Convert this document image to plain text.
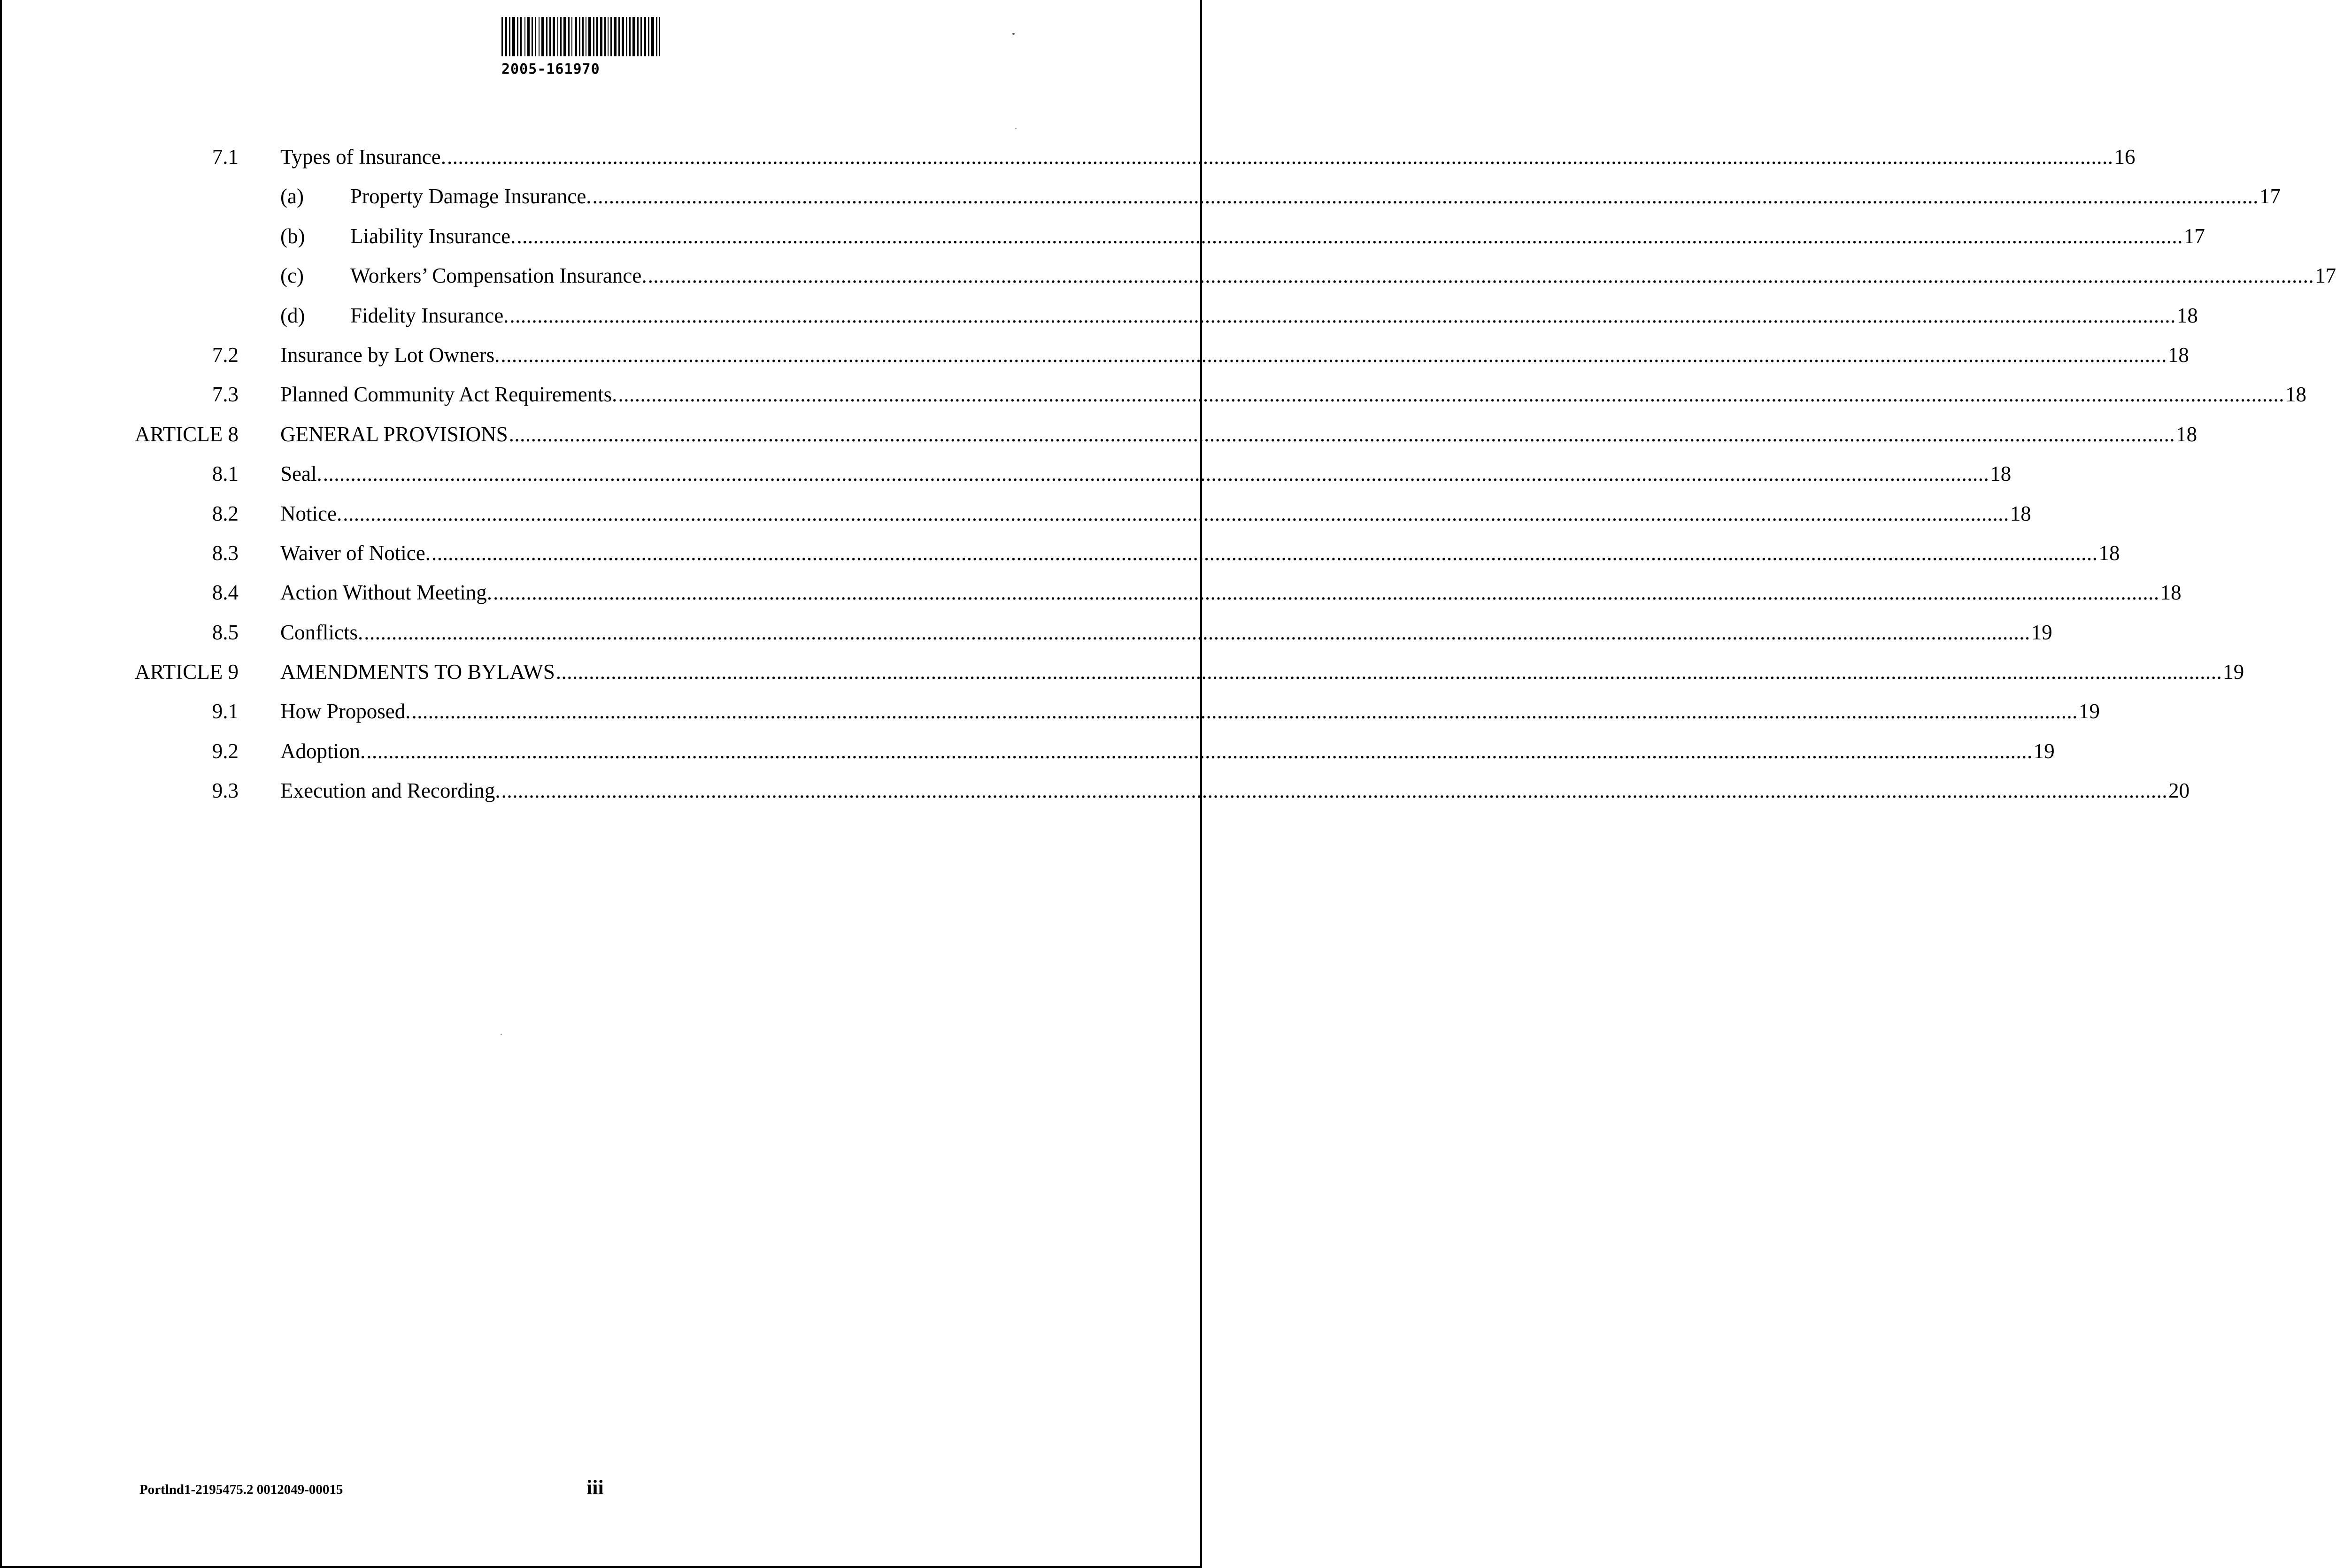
2005-161970
7.1 Types of Insurance. .............................................................................................................................................................................................................................................................................................................. 16
(a) Property Damage Insurance. .............................................................................................................................................................................................................................................................................................................. 17
(b) Liability Insurance. .............................................................................................................................................................................................................................................................................................................. 17
(c) Workers’ Compensation Insurance. .............................................................................................................................................................................................................................................................................................................. 17
(d) Fidelity Insurance. .............................................................................................................................................................................................................................................................................................................. 18
7.2 Insurance by Lot Owners. .............................................................................................................................................................................................................................................................................................................. 18
7.3 Planned Community Act Requirements. .............................................................................................................................................................................................................................................................................................................. 18
ARTICLE 8 GENERAL PROVISIONS .............................................................................................................................................................................................................................................................................................................. 18
8.1 Seal. .............................................................................................................................................................................................................................................................................................................. 18
8.2 Notice. .............................................................................................................................................................................................................................................................................................................. 18
8.3 Waiver of Notice. .............................................................................................................................................................................................................................................................................................................. 18
8.4 Action Without Meeting. .............................................................................................................................................................................................................................................................................................................. 18
8.5 Conflicts. .............................................................................................................................................................................................................................................................................................................. 19
ARTICLE 9 AMENDMENTS TO BYLAWS .............................................................................................................................................................................................................................................................................................................. 19
9.1 How Proposed. .............................................................................................................................................................................................................................................................................................................. 19
9.2 Adoption. .............................................................................................................................................................................................................................................................................................................. 19
9.3 Execution and Recording. .............................................................................................................................................................................................................................................................................................................. 20
Portlnd1-2195475.2 0012049-00015	iii
